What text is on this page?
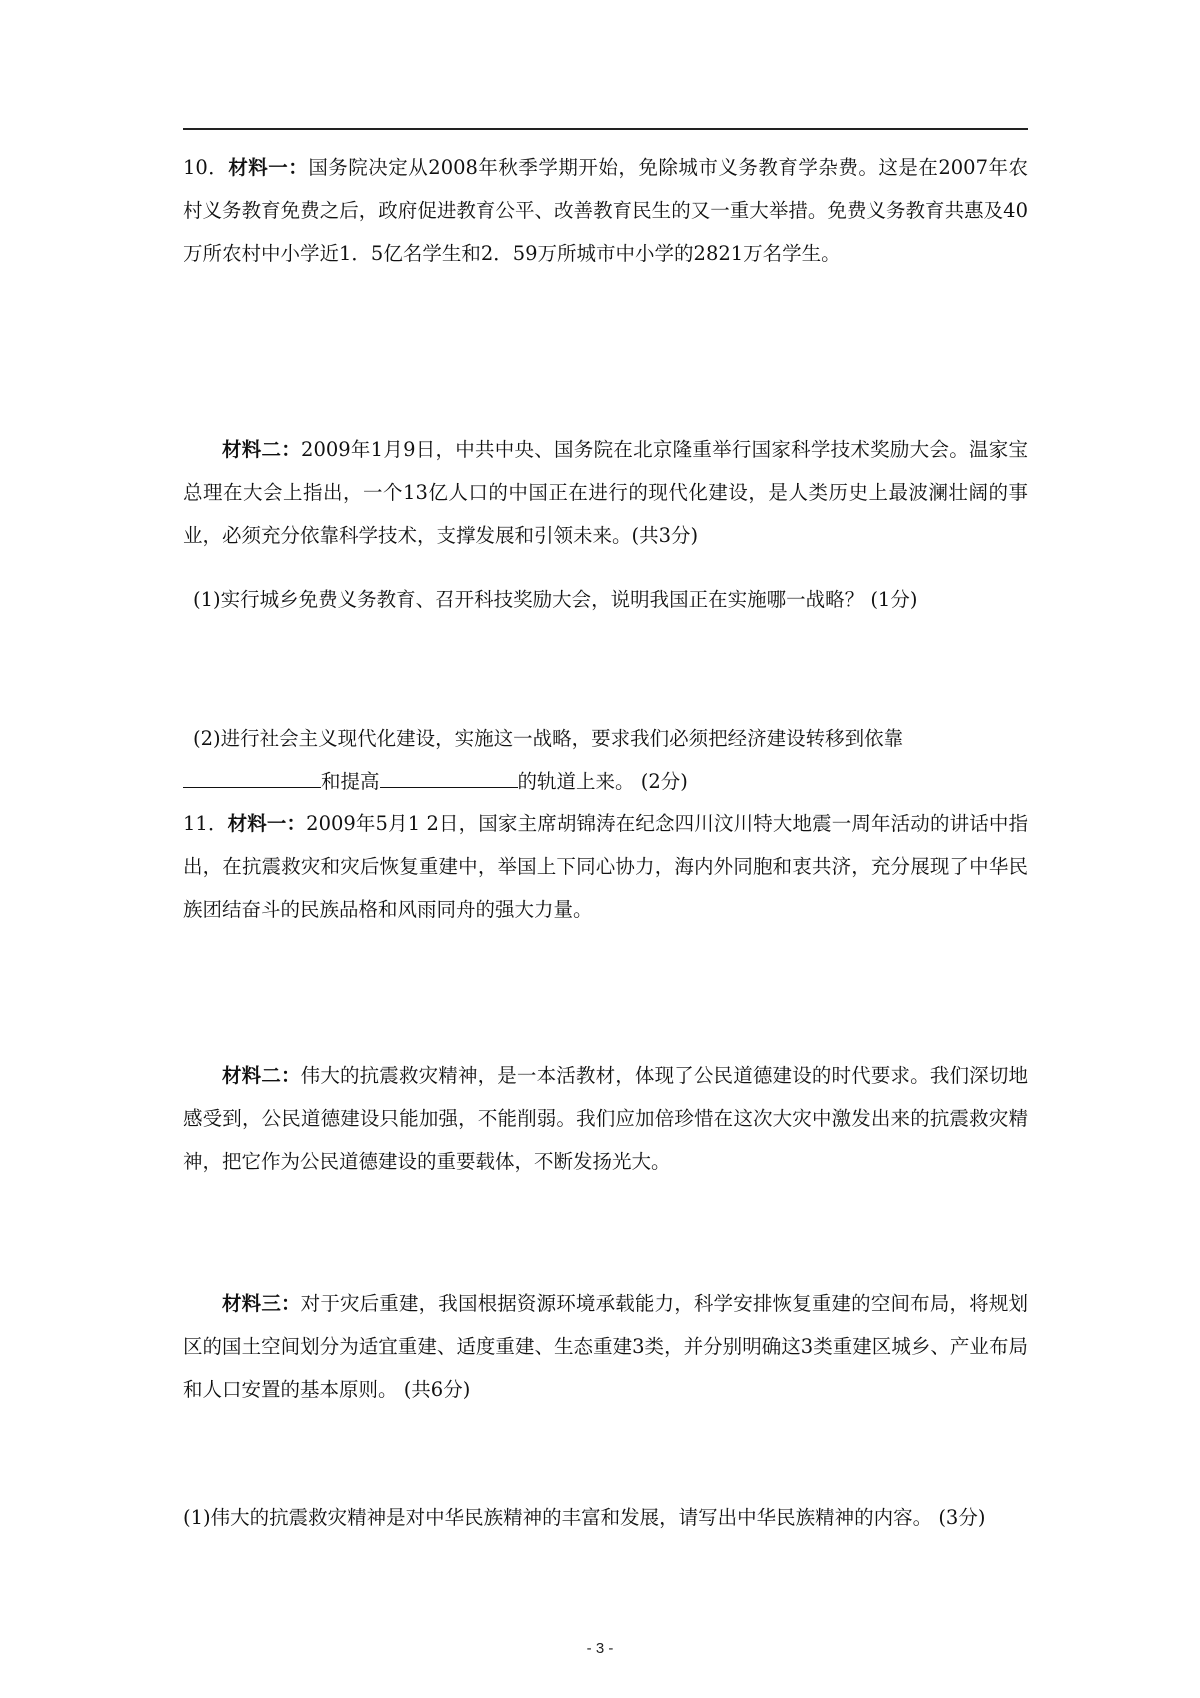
10．材料一：国务院决定从2008年秋季学期开始，免除城市义务教育学杂费。这是在2007年农村义务教育免费之后，政府促进教育公平、改善教育民生的又一重大举措。免费义务教育共惠及40万所农村中小学近1．5亿名学生和2．59万所城市中小学的2821万名学生。
材料二：2009年1月9日，中共中央、国务院在北京隆重举行国家科学技术奖励大会。温家宝总理在大会上指出，一个13亿人口的中国正在进行的现代化建设，是人类历史上最波澜壮阔的事业，必须充分依靠科学技术，支撑发展和引领未来。(共3分)
(1)实行城乡免费义务教育、召开科技奖励大会，说明我国正在实施哪一战略？ (1分)
(2)进行社会主义现代化建设，实施这一战略，要求我们必须把经济建设转移到依靠
和提高	的轨道上来。 (2分)
11．材料一：2009年5月1 2日，国家主席胡锦涛在纪念四川汶川特大地震一周年活动的讲话中指出，在抗震救灾和灾后恢复重建中，举国上下同心协力，海内外同胞和衷共济，充分展现了中华民族团结奋斗的民族品格和风雨同舟的强大力量。
材料二：伟大的抗震救灾精神，是一本活教材，体现了公民道德建设的时代要求。我们深切地感受到，公民道德建设只能加强，不能削弱。我们应加倍珍惜在这次大灾中激发出来的抗震救灾精神，把它作为公民道德建设的重要载体，不断发扬光大。
材料三：对于灾后重建，我国根据资源环境承载能力，科学安排恢复重建的空间布局，将规划区的国土空间划分为适宜重建、适度重建、生态重建3类，并分别明确这3类重建区城乡、产业布局和人口安置的基本原则。 (共6分)
(1)伟大的抗震救灾精神是对中华民族精神的丰富和发展，请写出中华民族精神的内容。 (3分)
- 3 -
